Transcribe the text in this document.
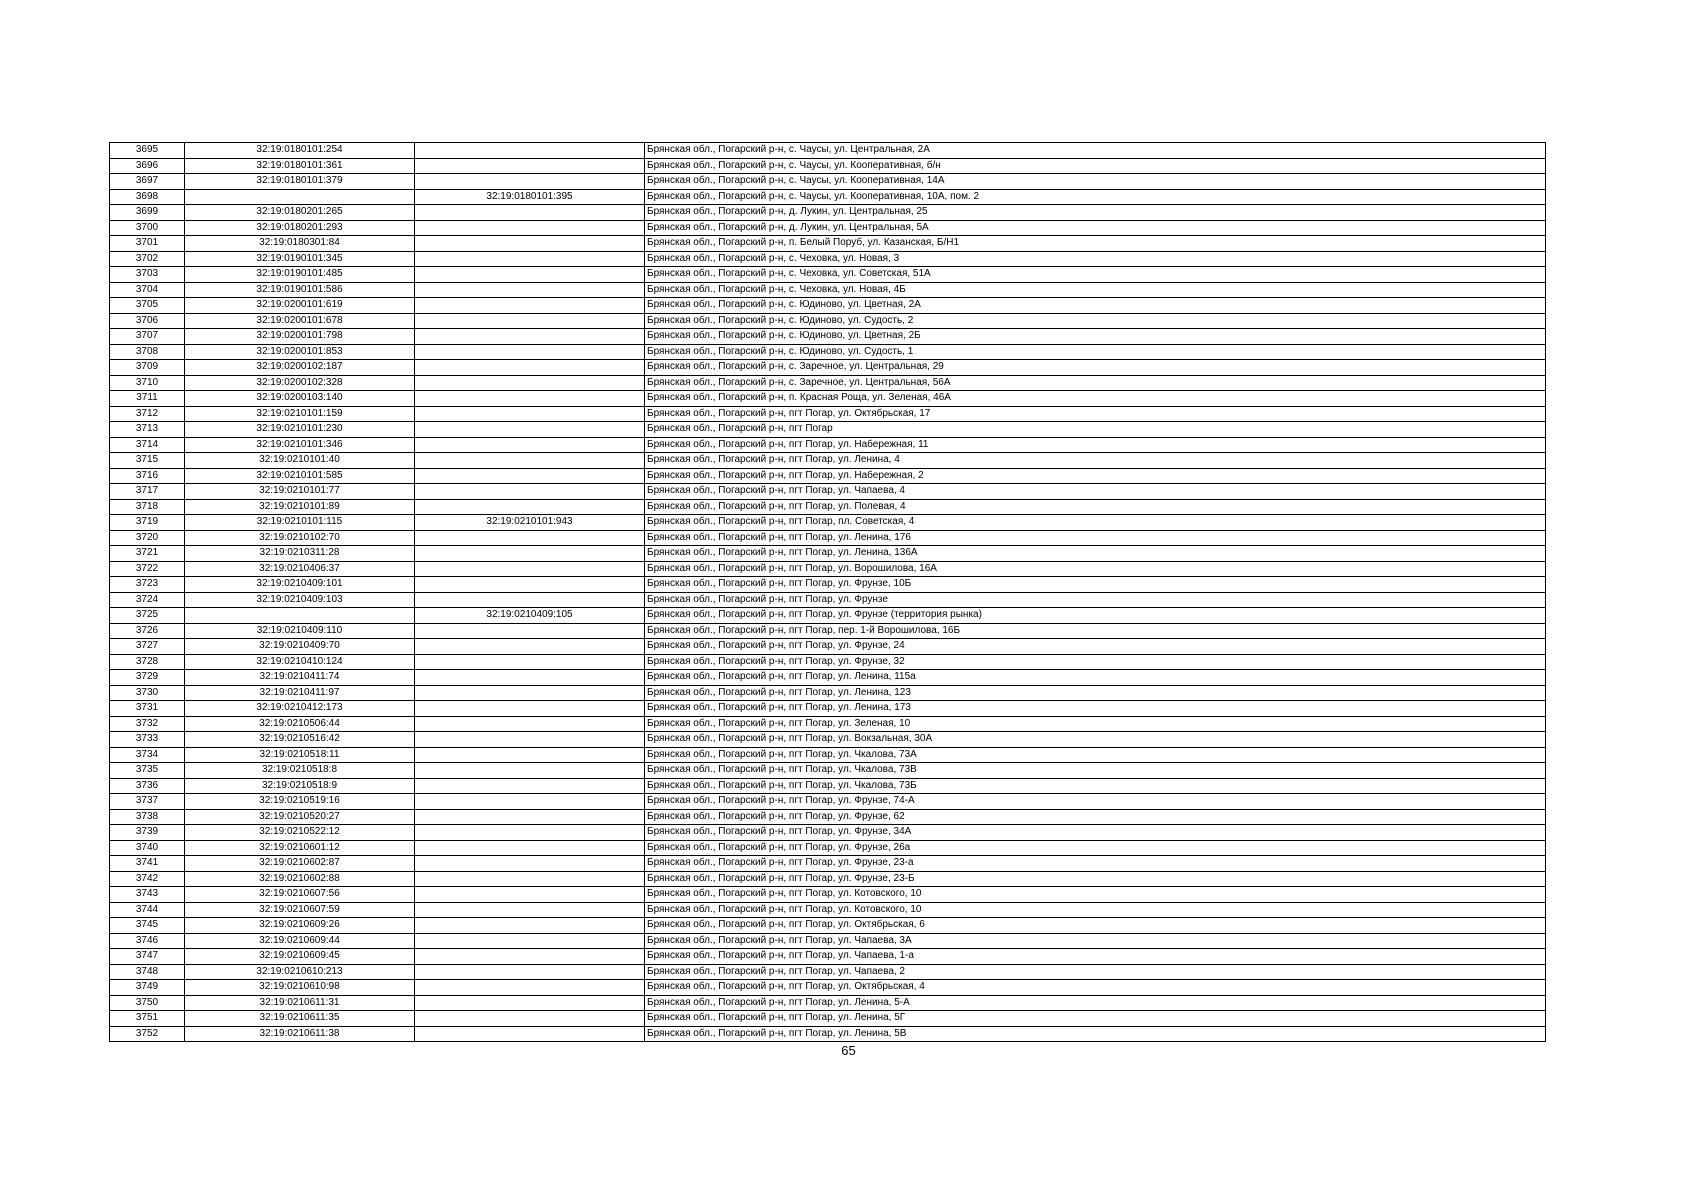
3695	32:19:0180101:254		Брянская обл., Погарский р-н, с. Чаусы, ул. Центральная, 2А
3696	32:19:0180101:361		Брянская обл., Погарский р-н, с. Чаусы, ул. Кооперативная, б/н
3697	32:19:0180101:379		Брянская обл., Погарский р-н, с. Чаусы, ул. Кооперативная, 14А
3698		32:19:0180101:395	Брянская обл., Погарский р-н, с. Чаусы, ул. Кооперативная, 10А, пом. 2
3699	32:19:0180201:265		Брянская обл., Погарский р-н, д. Лукин, ул. Центральная, 25
3700	32:19:0180201:293		Брянская обл., Погарский р-н, д. Лукин, ул. Центральная, 5А
3701	32:19:0180301:84		Брянская обл., Погарский р-н, п. Белый Поруб, ул. Казанская, Б/Н1
3702	32:19:0190101:345		Брянская обл., Погарский р-н, с. Чеховка, ул. Новая, 3
3703	32:19:0190101:485		Брянская обл., Погарский р-н, с. Чеховка, ул. Советская, 51А
3704	32:19:0190101:586		Брянская обл., Погарский р-н, с. Чеховка, ул. Новая, 4Б
3705	32:19:0200101:619		Брянская обл., Погарский р-н, с. Юдиново, ул. Цветная, 2А
3706	32:19:0200101:678		Брянская обл., Погарский р-н, с. Юдиново, ул. Судость, 2
3707	32:19:0200101:798		Брянская обл., Погарский р-н, с. Юдиново, ул. Цветная, 2Б
3708	32:19:0200101:853		Брянская обл., Погарский р-н, с. Юдиново, ул. Судость, 1
3709	32:19:0200102:187		Брянская обл., Погарский р-н, с. Заречное, ул. Центральная, 29
3710	32:19:0200102:328		Брянская обл., Погарский р-н, с. Заречное, ул. Центральная, 56А
3711	32:19:0200103:140		Брянская обл., Погарский р-н, п. Красная Роща, ул. Зеленая, 46А
3712	32:19:0210101:159		Брянская обл., Погарский р-н, пгт Погар, ул. Октябрьская, 17
3713	32:19:0210101:230		Брянская обл., Погарский р-н, пгт Погар
3714	32:19:0210101:346		Брянская обл., Погарский р-н, пгт Погар, ул. Набережная, 11
3715	32:19:0210101:40		Брянская обл., Погарский р-н, пгт Погар, ул. Ленина, 4
3716	32:19:0210101:585		Брянская обл., Погарский р-н, пгт Погар, ул. Набережная, 2
3717	32:19:0210101:77		Брянская обл., Погарский р-н, пгт Погар, ул. Чапаева, 4
3718	32:19:0210101:89		Брянская обл., Погарский р-н, пгт Погар, ул. Полевая, 4
3719	32:19:0210101:115	32:19:0210101:943	Брянская обл., Погарский р-н, пгт Погар, пл. Советская, 4
3720	32:19:0210102:70		Брянская обл., Погарский р-н, пгт Погар, ул. Ленина, 176
3721	32:19:0210311:28		Брянская обл., Погарский р-н, пгт Погар, ул. Ленина, 136А
3722	32:19:0210406:37		Брянская обл., Погарский р-н, пгт Погар, ул. Ворошилова, 16А
3723	32:19:0210409:101		Брянская обл., Погарский р-н, пгт Погар, ул. Фрунзе, 10Б
3724	32:19:0210409:103		Брянская обл., Погарский р-н, пгт Погар, ул. Фрунзе
3725		32:19:0210409:105	Брянская обл., Погарский р-н, пгт Погар, ул. Фрунзе (территория рынка)
3726	32:19:0210409:110		Брянская обл., Погарский р-н, пгт Погар, пер. 1-й Ворошилова, 16Б
3727	32:19:0210409:70		Брянская обл., Погарский р-н, пгт Погар, ул. Фрунзе, 24
3728	32:19:0210410:124		Брянская обл., Погарский р-н, пгт Погар, ул. Фрунзе, 32
3729	32:19:0210411:74		Брянская обл., Погарский р-н, пгт Погар, ул. Ленина, 115а
3730	32:19:0210411:97		Брянская обл., Погарский р-н, пгт Погар, ул. Ленина, 123
3731	32:19:0210412:173		Брянская обл., Погарский р-н, пгт Погар, ул. Ленина, 173
3732	32:19:0210506:44		Брянская обл., Погарский р-н, пгт Погар, ул. Зеленая, 10
3733	32:19:0210516:42		Брянская обл., Погарский р-н, пгт Погар, ул. Вокзальная, 30А
3734	32:19:0210518:11		Брянская обл., Погарский р-н, пгт Погар, ул. Чкалова, 73А
3735	32:19:0210518:8		Брянская обл., Погарский р-н, пгт Погар, ул. Чкалова, 73В
3736	32:19:0210518:9		Брянская обл., Погарский р-н, пгт Погар, ул. Чкалова, 73Б
3737	32:19:0210519:16		Брянская обл., Погарский р-н, пгт Погар, ул. Фрунзе, 74-А
3738	32:19:0210520:27		Брянская обл., Погарский р-н, пгт Погар, ул. Фрунзе, 62
3739	32:19:0210522:12		Брянская обл., Погарский р-н, пгт Погар, ул. Фрунзе, 34А
3740	32:19:0210601:12		Брянская обл., Погарский р-н, пгт Погар, ул. Фрунзе, 26а
3741	32:19:0210602:87		Брянская обл., Погарский р-н, пгт Погар, ул. Фрунзе, 23-а
3742	32:19:0210602:88		Брянская обл., Погарский р-н, пгт Погар, ул. Фрунзе, 23-Б
3743	32:19:0210607:56		Брянская обл., Погарский р-н, пгт Погар, ул. Котовского, 10
3744	32:19:0210607:59		Брянская обл., Погарский р-н, пгт Погар, ул. Котовского, 10
3745	32:19:0210609:26		Брянская обл., Погарский р-н, пгт Погар, ул. Октябрьская, 6
3746	32:19:0210609:44		Брянская обл., Погарский р-н, пгт Погар, ул. Чапаева, 3А
3747	32:19:0210609:45		Брянская обл., Погарский р-н, пгт Погар, ул. Чапаева, 1-а
3748	32:19:0210610:213		Брянская обл., Погарский р-н, пгт Погар, ул. Чапаева, 2
3749	32:19:0210610:98		Брянская обл., Погарский р-н, пгт Погар, ул. Октябрьская, 4
3750	32:19:0210611:31		Брянская обл., Погарский р-н, пгт Погар, ул. Ленина, 5-А
3751	32:19:0210611:35		Брянская обл., Погарский р-н, пгт Погар, ул. Ленина, 5Г
3752	32:19:0210611:38		Брянская обл., Погарский р-н, пгт Погар, ул. Ленина, 5В
65
